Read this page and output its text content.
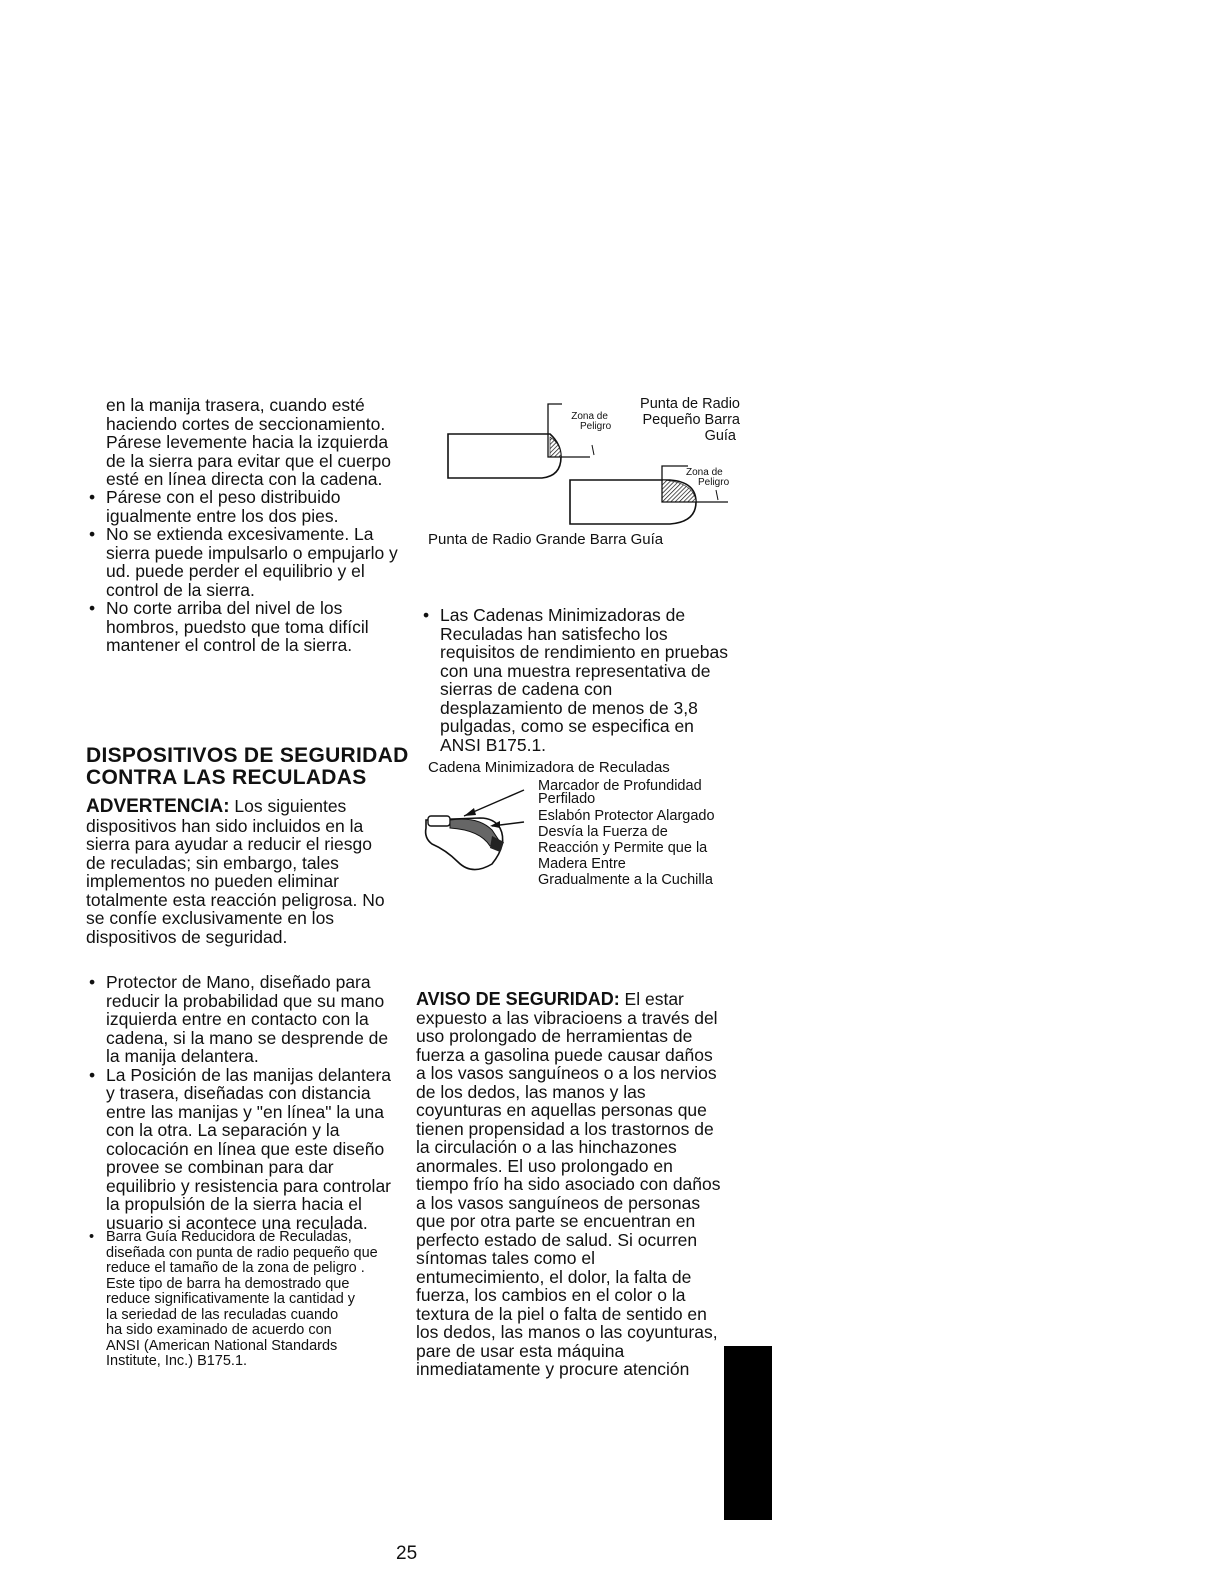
en la manija trasera, cuando esté

haciendo cortes de seccionamiento.

Párese levemente hacia la izquierda

de la sierra para evitar que el cuerpo

esté en línea directa con la cadena.

• Párese con el peso distribuido

igualmente entre los dos pies.

• No se extienda excesivamente. La

sierra puede impulsarlo o empujarlo y

ud. puede perder el equilibrio y el

control de la sierra.

• No corte arriba del nivel de los

hombros, puedsto que toma difícil

mantener el control de la sierra.

DISPOSITIVOS DE SEGURIDAD
CONTRA LAS RECULADAS

ADVERTENCIA: Los siguientes

dispositivos han sido incluidos en la

sierra para ayudar a reducir el riesgo

de reculadas; sin embargo, tales

implementos no pueden eliminar

totalmente esta reacción peligrosa. No

se confíe exclusivamente en los

dispositivos de seguridad.

• Protector de Mano, diseñado para

reducir la probabilidad que su mano

izquierda entre en contacto con la

cadena, si la mano se desprende de

la manija delantera.

• La Posición de las manijas delantera

y trasera, diseñadas con distancia

entre las manijas y "en línea" la una

con la otra. La separación y la

colocación en línea que este diseño

provee se combinan para dar

equilibrio y resistencia para controlar

la propulsión de la sierra hacia el

usuario si acontece una reculada.

• Barra Guía Reducidora de Reculadas,

diseñada con punta de radio pequeño que

reduce el tamaño de la zona de peligro .

Este tipo de barra ha demostrado que

reduce significativamente la cantidad y

la seriedad de las reculadas cuando

ha sido examinado de acuerdo con

ANSI (American National Standards

Institute, Inc.) B175.1.

Punta de Radio
Pequeño Barra
Guía
Zona de
Peligro
Zona de
Peligro
Punta de Radio Grande Barra Guía
• Las Cadenas Minimizadoras de

Reculadas han satisfecho los

requisitos de rendimiento en pruebas

con una muestra representativa de

sierras de cadena con

desplazamiento de menos de 3,8

pulgadas, como se especifica en

ANSI B175.1.

Cadena Minimizadora de Reculadas
Marcador de Profundidad
Perfilado
Eslabón Protector Alargado
Desvía la Fuerza de
Reacción y Permite que la
Madera Entre
Gradualmente a la Cuchilla

AVISO DE SEGURIDAD: El estar

expuesto a las vibracioens a través del

uso prolongado de herramientas de

fuerza a gasolina puede causar daños

a los vasos sanguíneos o a los nervios

de los dedos, las manos y las

coyunturas en aquellas personas que

tienen propensidad a los trastornos de

la circulación o a las hinchazones

anormales. El uso prolongado en

tiempo frío ha sido asociado con daños

a los vasos sanguíneos de personas

que por otra parte se encuentran en

perfecto estado de salud. Si ocurren

síntomas tales como el

entumecimiento, el dolor, la falta de

fuerza, los cambios en el color o la

textura de la piel o falta de sentido en

los dedos, las manos o las coyunturas,

pare de usar esta máquina

inmediatamente y procure atención

25
